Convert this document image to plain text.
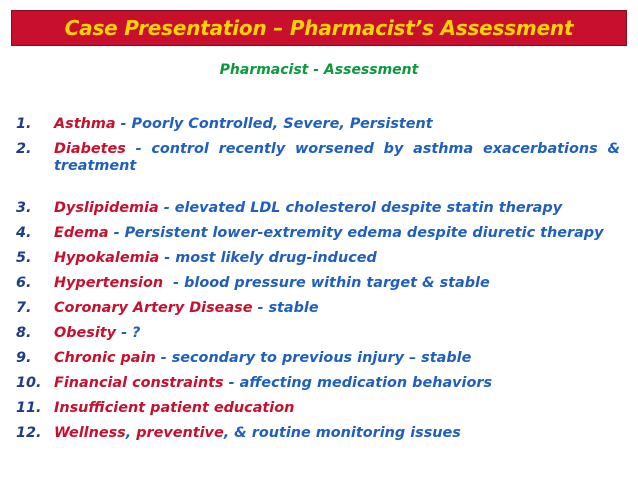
Case Presentation – Pharmacist’s Assessment
Pharmacist - Assessment
1. Asthma - Poorly Controlled, Severe, Persistent
2. Diabetes - control recently worsened by asthma exacerbations & treatment
3. Dyslipidemia - elevated LDL cholesterol despite statin therapy
4. Edema - Persistent lower-extremity edema despite diuretic therapy
5. Hypokalemia - most likely drug-induced
6. Hypertension  - blood pressure within target & stable
7. Coronary Artery Disease - stable
8. Obesity - ?
9. Chronic pain - secondary to previous injury – stable
10. Financial constraints - affecting medication behaviors
11. Insufficient patient education
12. Wellness, preventive, & routine monitoring issues
